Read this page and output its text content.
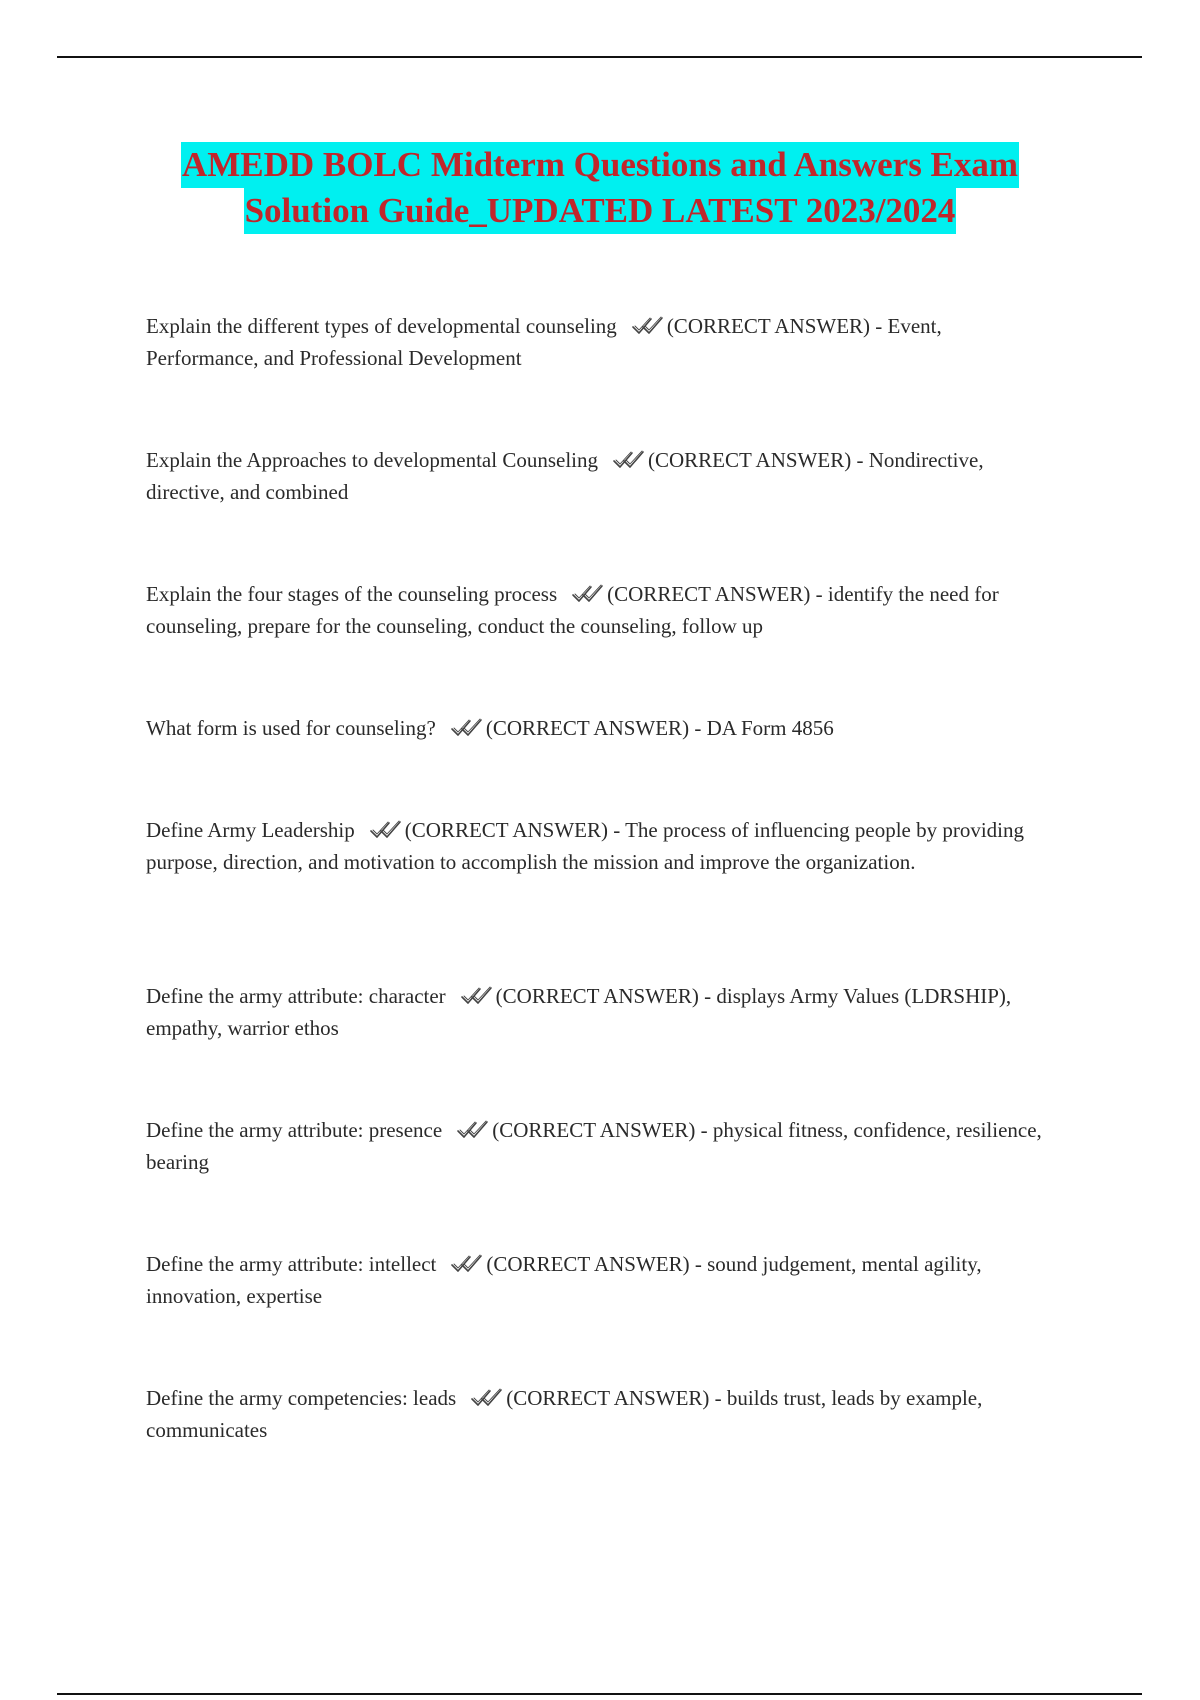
AMEDD BOLC Midterm Questions and Answers Exam
Solution Guide_UPDATED LATEST 2023/2024
Explain the different types of developmental counseling (CORRECT ANSWER) - Event, Performance, and Professional Development
Explain the Approaches to developmental Counseling (CORRECT ANSWER) - Nondirective, directive, and combined
Explain the four stages of the counseling process (CORRECT ANSWER) - identify the need for counseling, prepare for the counseling, conduct the counseling, follow up
What form is used for counseling? (CORRECT ANSWER) - DA Form 4856
Define Army Leadership (CORRECT ANSWER) - The process of influencing people by providing purpose, direction, and motivation to accomplish the mission and improve the organization.
Define the army attribute: character (CORRECT ANSWER) - displays Army Values (LDRSHIP), empathy, warrior ethos
Define the army attribute: presence (CORRECT ANSWER) - physical fitness, confidence, resilience, bearing
Define the army attribute: intellect (CORRECT ANSWER) - sound judgement, mental agility, innovation, expertise
Define the army competencies: leads (CORRECT ANSWER) - builds trust, leads by example, communicates
